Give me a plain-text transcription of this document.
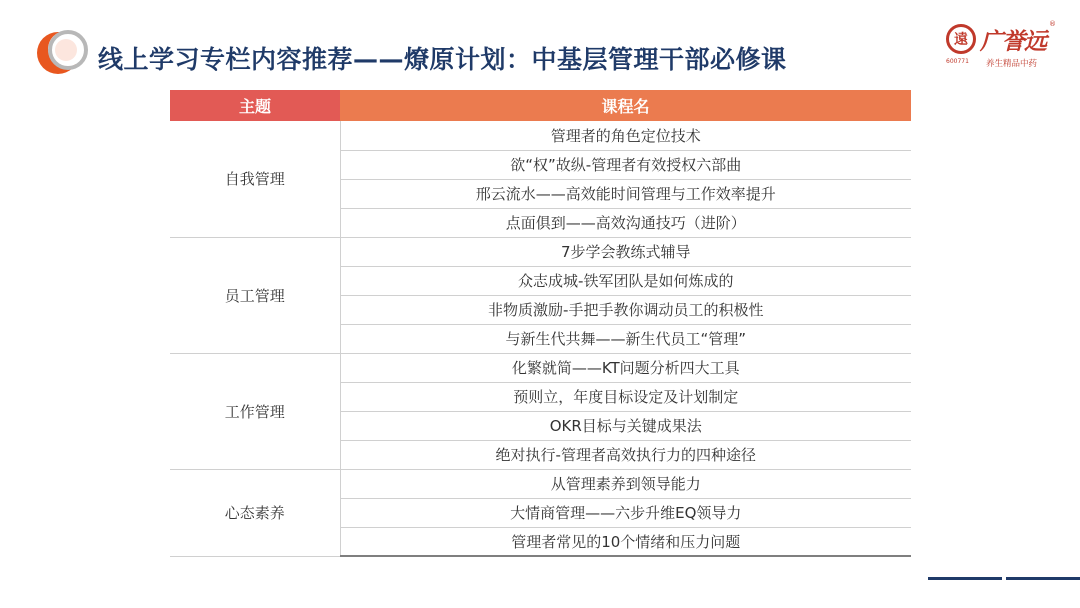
线上学习专栏内容推荐——燎原计划：中基层管理干部必修课
遠 广誉远
®
600771 养生精品中药
主题	课程名
自我管理	管理者的角色定位技术
	欲“权”故纵-管理者有效授权六部曲
	邢云流水——高效能时间管理与工作效率提升
	点面俱到——高效沟通技巧（进阶）
员工管理	7步学会教练式辅导
	众志成城-铁军团队是如何炼成的
	非物质激励-手把手教你调动员工的积极性
	与新生代共舞——新生代员工“管理”
工作管理	化繁就简——KT问题分析四大工具
	预则立，年度目标设定及计划制定
	OKR目标与关键成果法
	绝对执行-管理者高效执行力的四种途径
心态素养	从管理素养到领导能力
	大情商管理——六步升维EQ领导力
	管理者常见的10个情绪和压力问题
